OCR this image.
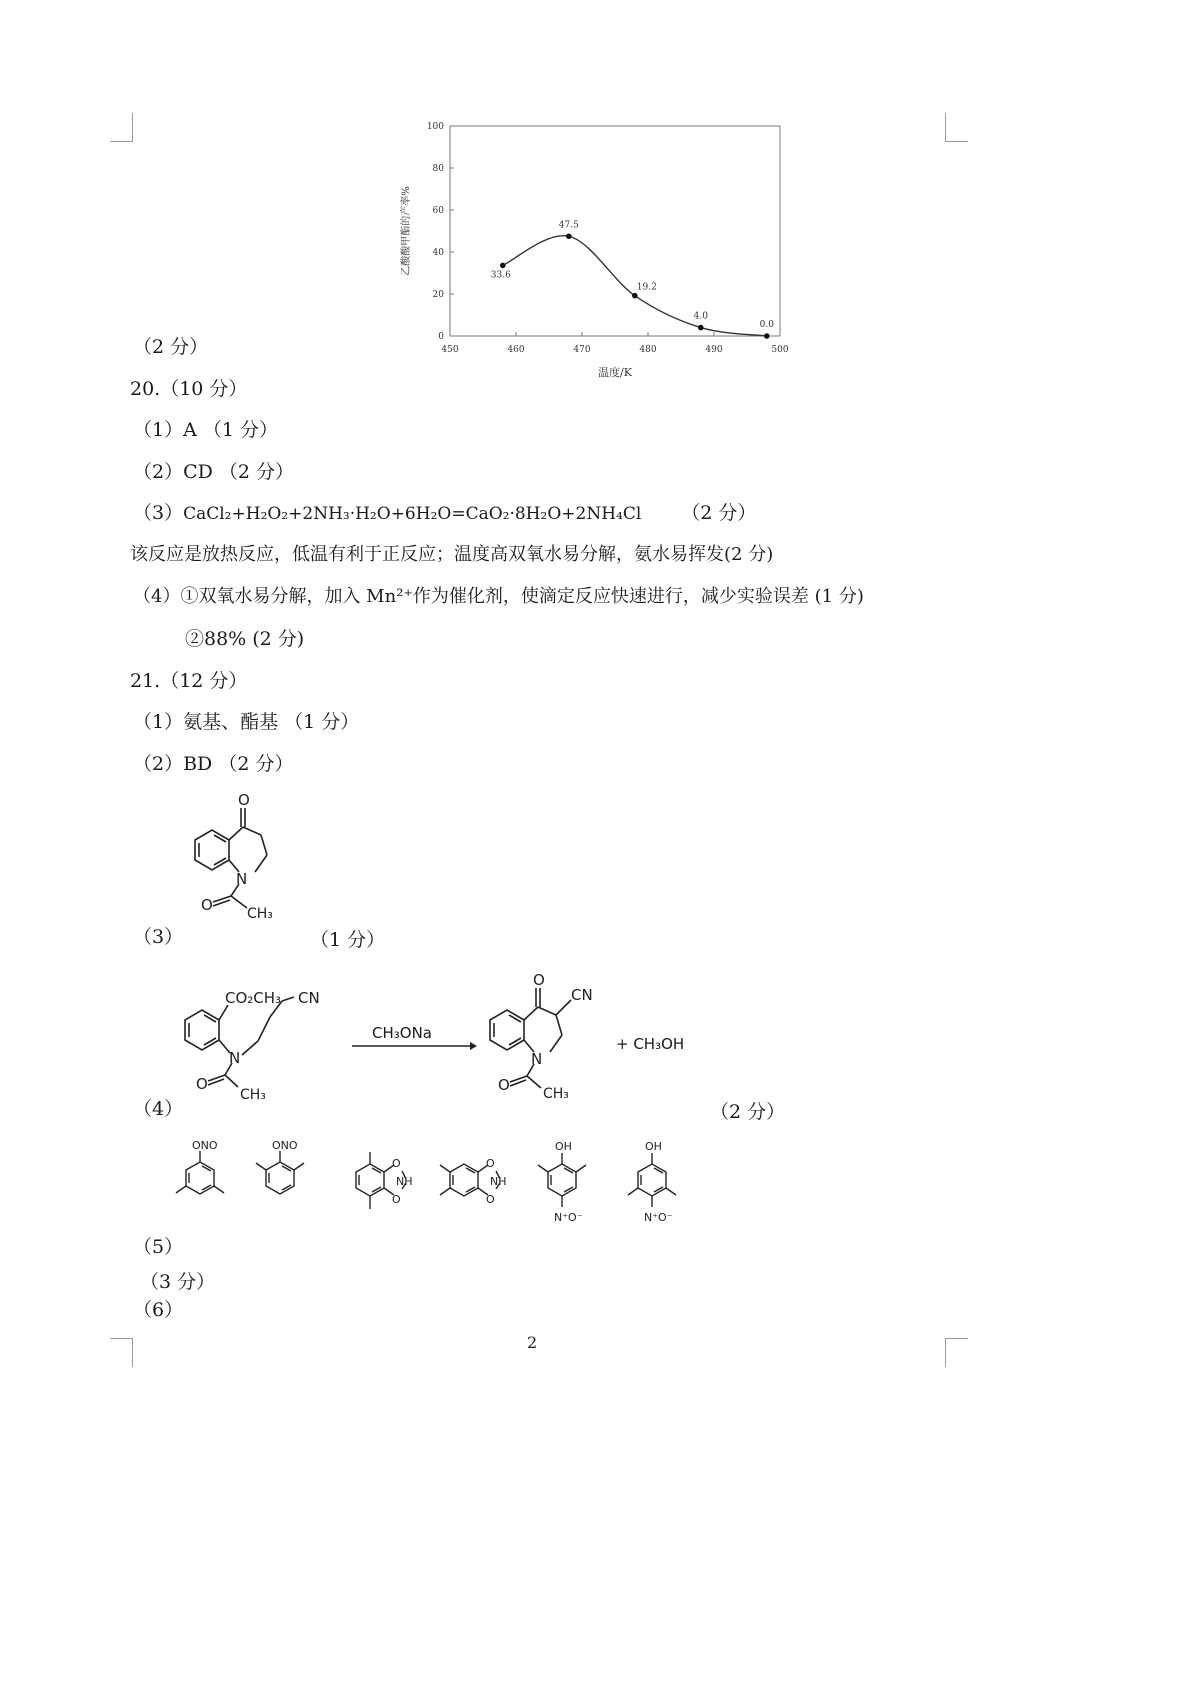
450	460	470	480	490	500
0
20
40
60
80
100
33.6
47.5
19.2
4.0
0.0
温度/K
乙酸酸甲酯的产率%
（2 分）
20.（10 分）
（1）A （1 分）
（2）CD （2 分）
（3）CaCl₂+H₂O₂+2NH₃·H₂O+6H₂O=CaO₂·8H₂O+2NH₄Cl （2 分）
该反应是放热反应，低温有利于正反应；温度高双氧水易分解，氨水易挥发(2 分)
（4）①双氧水易分解，加入 Mn²⁺作为催化剂，使滴定反应快速进行，减少实验误差 (1 分)
②88% (2 分)
21.（12 分）
（1）氨基、酯基 （1 分）
（2）BD （2 分）
（3）
O
N
O CH₃
（1 分）
（4）
CO₂CH₃ CN
N
O
CH₃
CH₃ONa
O
CN
N
O CH₃
+ CH₃OH
（2 分）
（5）
ONO	ONO
O
NH
O
O
NH
O
OH
N⁺O⁻
OH
N⁺O⁻
（3 分）
（6）
2
